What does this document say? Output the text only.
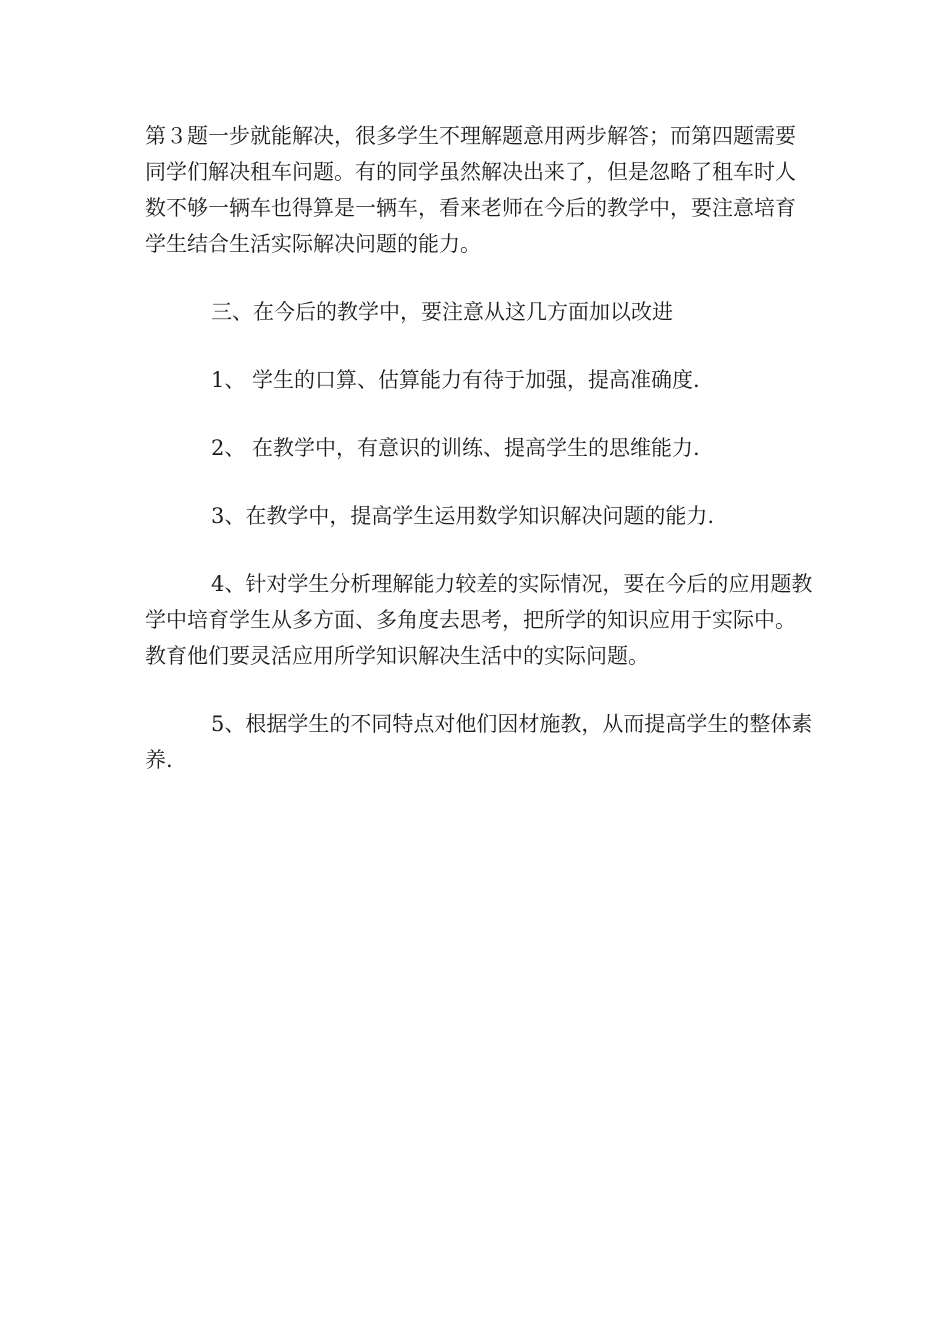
第３题一步就能解决，很多学生不理解题意用两步解答；而第四题需要同学们解决租车问题。有的同学虽然解决出来了，但是忽略了租车时人数不够一辆车也得算是一辆车，看来老师在今后的教学中，要注意培育学生结合生活实际解决问题的能力。

三、在今后的教学中，要注意从这几方面加以改进

1、 学生的口算、估算能力有待于加强，提高准确度.

2、 在教学中，有意识的训练、提高学生的思维能力.

3、在教学中，提高学生运用数学知识解决问题的能力.

4、针对学生分析理解能力较差的实际情况，要在今后的应用题教学中培育学生从多方面、多角度去思考，把所学的知识应用于实际中。教育他们要灵活应用所学知识解决生活中的实际问题。

5、根据学生的不同特点对他们因材施教，从而提高学生的整体素养.
